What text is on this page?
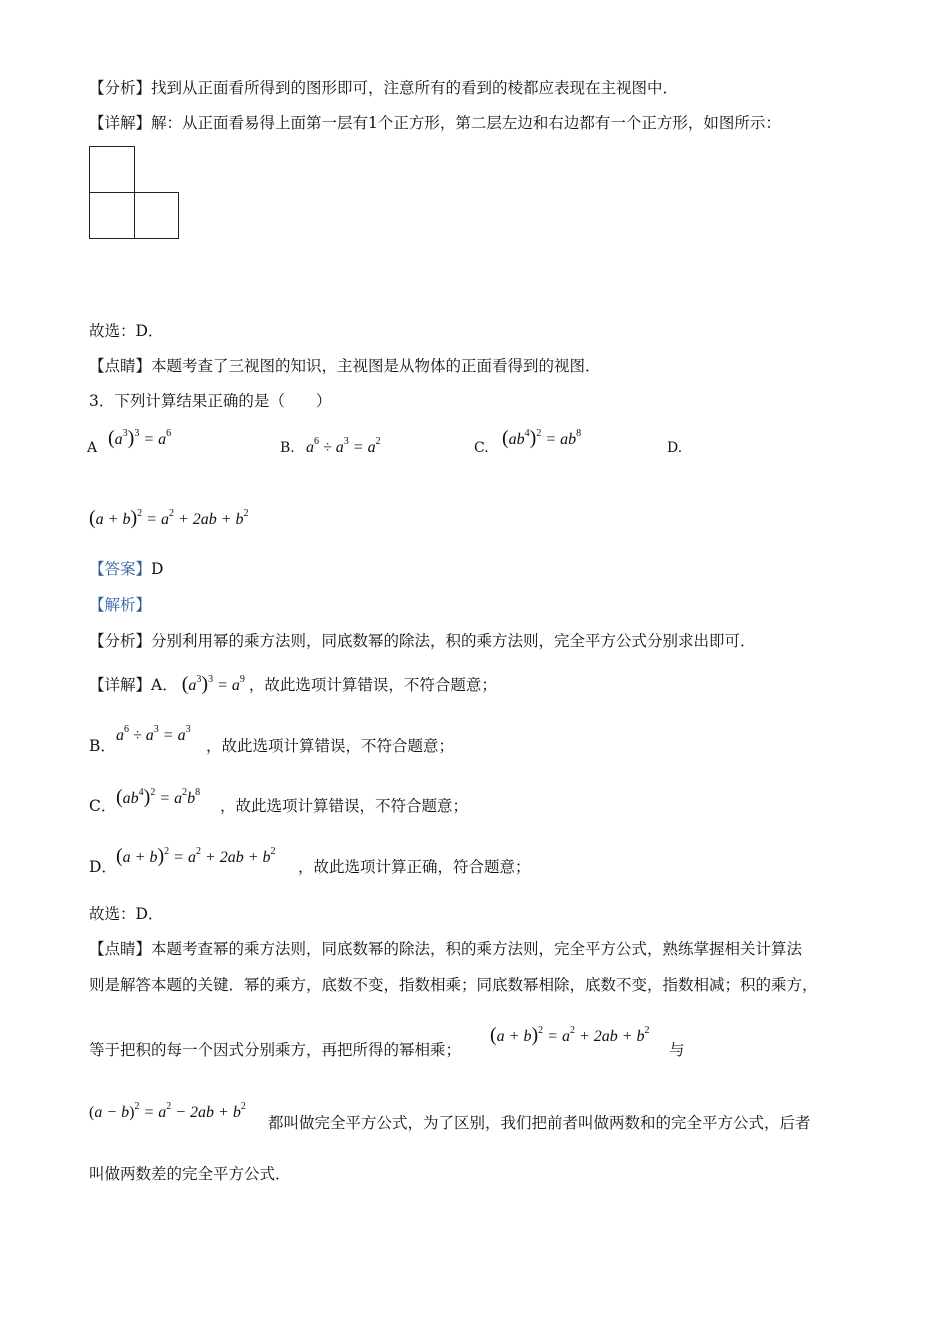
【分析】找到从正面看所得到的图形即可，注意所有的看到的棱都应表现在主视图中．
【详解】解：从正面看易得上面第一层有1个正方形，第二层左边和右边都有一个正方形，如图所示：
故选：D．
【点睛】本题考查了三视图的知识，主视图是从物体的正面看得到的视图．
3．下列计算结果正确的是（　　）
A $(a^3)^3 = a^6$
B. $a^6 \div a^3 = a^2$	C. $(ab^4)^2 = ab^8$
D.
$(a + b)^2 = a^2 + 2ab + b^2$
【答案】D
【解析】
【分析】分别利用幂的乘方法则，同底数幂的除法，积的乘方法则，完全平方公式分别求出即可．
【详解】A． $(a^3)^3 = a^9$ ，故此选项计算错误，不符合题意；
$a^6 \div a^3 = a^3$
B．	，故此选项计算错误，不符合题意；
$(ab^4)^2 = a^2b^8$
C．	，故此选项计算错误，不符合题意；
$(a + b)^2 = a^2 + 2ab + b^2$
D．	，故此选项计算正确，符合题意；
故选：D．
【点睛】本题考查幂的乘方法则，同底数幂的除法，积的乘方法则，完全平方公式，熟练掌握相关计算法
则是解答本题的关键．幂的乘方，底数不变，指数相乘；同底数幂相除，底数不变，指数相减；积的乘方，
等于把积的每一个因式分别乘方，再把所得的幂相乘；
$(a + b)^2 = a^2 + 2ab + b^2$
与
$(a - b)^2 = a^2 - 2ab + b^2$
都叫做完全平方公式，为了区别，我们把前者叫做两数和的完全平方公式，后者
叫做两数差的完全平方公式．
